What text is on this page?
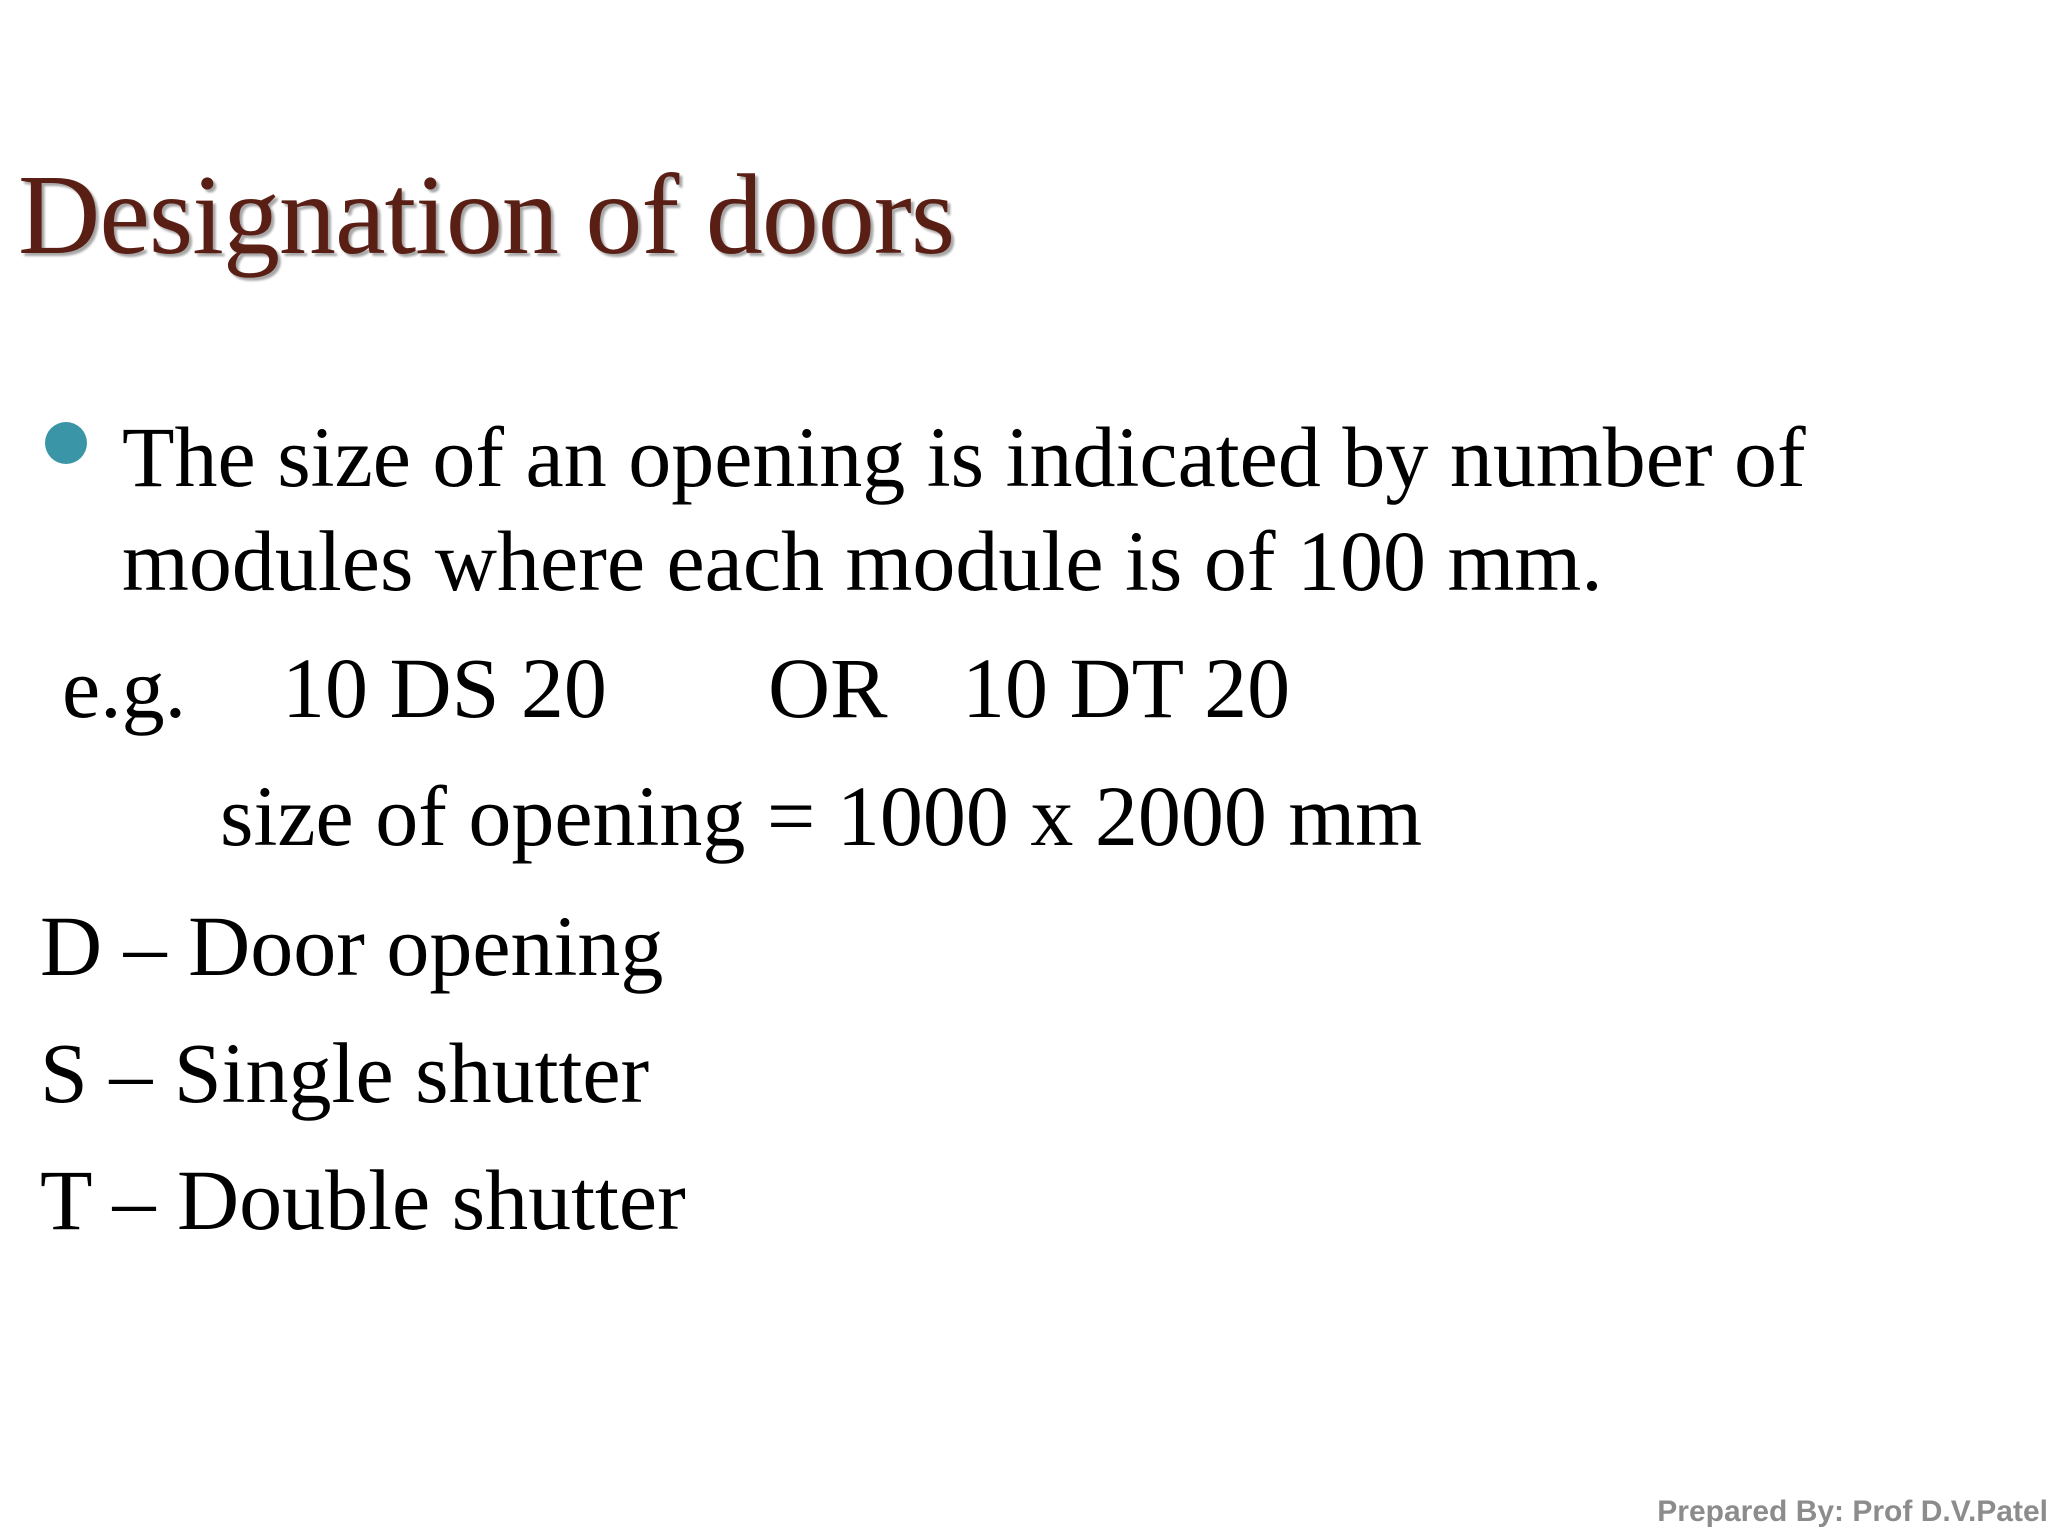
Designation of doors
The size of an opening is indicated by number of modules where each module is of 100 mm.
e.g. 10 DS 20 OR 10 DT 20
size of opening = 1000 x 2000 mm
D – Door opening
S – Single shutter
T – Double shutter
Prepared By: Prof D.V.Patel
